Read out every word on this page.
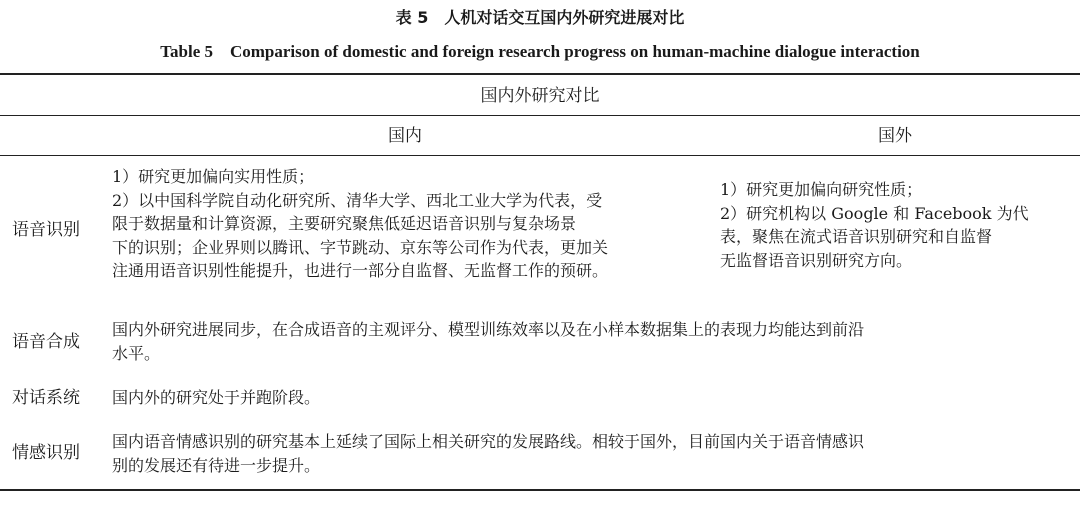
表 5　人机对话交互国内外研究进展对比
Table 5　Comparison of domestic and foreign research progress on human-machine dialogue interaction
国内外研究对比
国内	国外
语音识别
1）研究更加偏向实用性质；
2）以中国科学院自动化研究所、清华大学、西北工业大学为代表，受
限于数据量和计算资源，主要研究聚焦低延迟语音识别与复杂场景
下的识别；企业界则以腾讯、字节跳动、京东等公司作为代表，更加关
注通用语音识别性能提升，也进行一部分自监督、无监督工作的预研。
1）研究更加偏向研究性质；
2）研究机构以 Google 和 Facebook 为代
表，聚焦在流式语音识别研究和自监督
无监督语音识别研究方向。
语音合成
国内外研究进展同步，在合成语音的主观评分、模型训练效率以及在小样本数据集上的表现力均能达到前沿
水平。
对话系统 国内外的研究处于并跑阶段。
情感识别
国内语音情感识别的研究基本上延续了国际上相关研究的发展路线。相较于国外，目前国内关于语音情感识
别的发展还有待进一步提升。
